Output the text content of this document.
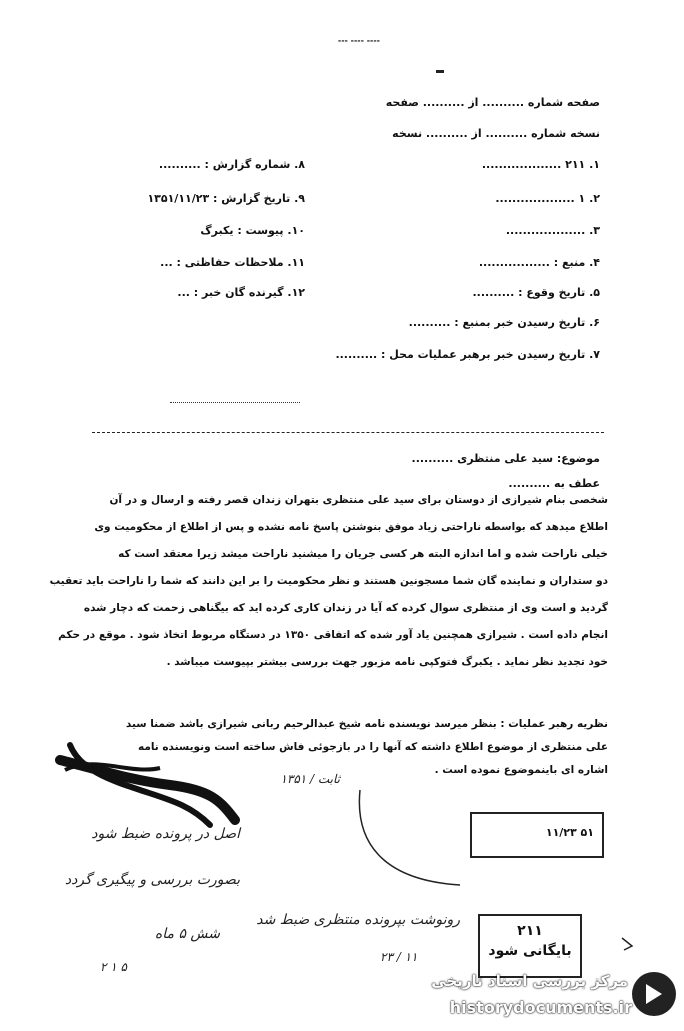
--- ---- ----
صفحه شماره .......... از .......... صفحه
نسخه شماره .......... از .......... نسخه
۱. ۲۱۱ ...................
۲. ۱ ...................
۳. ...................
۴. منبع : .................
۵. تاریخ وقوع : ..........
۶. تاریخ رسیدن خبر بمنبع : ..........
۷. تاریخ رسیدن خبر برهبر عملیات محل : ..........
۸. شماره گزارش : ..........
۹. تاریخ گزارش : ۱۳۵۱/۱۱/۲۳
۱۰. پیوست : یکبرگ
۱۱. ملاحظات حفاظتی : ...
۱۲. گیرنده گان خبر : ...
موضوع: سید علی منتظری ..........
عطف به ..........
شخصی بنام شیرازی از دوستان برای سید علی منتظری بتهران زندان قصر رفته و ارسال و در آن
اطلاع میدهد که بواسطه ناراحتی زیاد موفق بنوشتن پاسخ نامه نشده و پس از اطلاع از محکومیت وی
خیلی ناراحت شده و اما اندازه البته هر کسی جریان را میشنید ناراحت میشد زیرا معتقد است که
دو ستداران و نماینده گان شما مسجونین هستند و نظر محکومیت را بر این دانند که شما را ناراحت باید تعقیب
گردید و است وی از منتظری سوال کرده که آیا در زندان کاری کرده اید که بیگناهی زحمت که دچار شده
انجام داده است . شیرازی همچنین یاد آور شده که اتفاقی ۱۳۵۰ در دستگاه مربوط اتخاذ شود . موقع در حکم
خود تجدید نظر نماید . یکبرگ فتوکپی نامه مزبور جهت بررسی بیشتر بپیوست میباشد .
نظریه رهبر عملیات : بنظر میرسد نویسنده نامه شیخ عبدالرحیم ربانی شیرازی باشد ضمنا سید
علی منتظری از موضوع اطلاع داشته که آنها را در بازجوئی فاش ساخته است ونویسنده نامه
اشاره ای باینموضوع نموده است .
ثابت / ۱۳۵۱
۱۱/۲۳ ۵۱
اصل در پرونده ضبط شود
بصورت بررسی و پیگیری گردد
شش ۵ ماه
۲ ۱ ۵
رونوشت بپرونده منتظری ضبط شد
۲۳ / ۱۱
۲۱۱
بایگانی شود
مرکز بررسی اسناد تاریخی
historydocuments.ir
